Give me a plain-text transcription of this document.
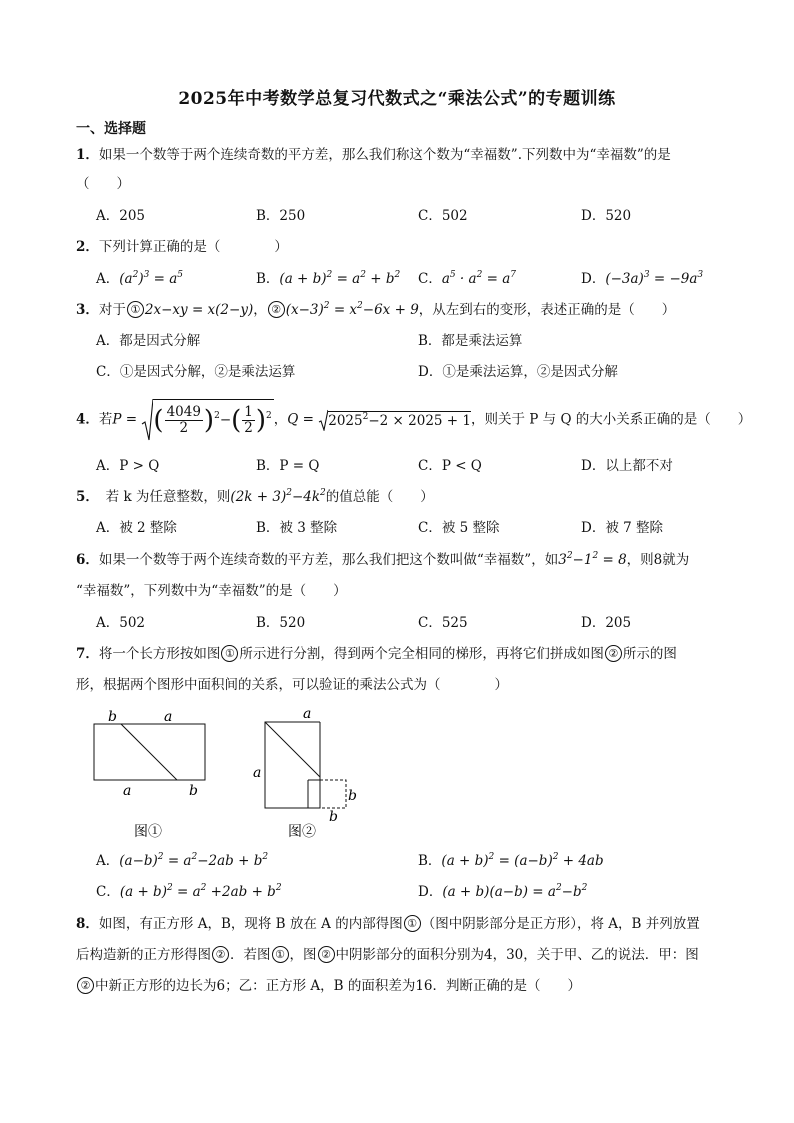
2025年中考数学总复习代数式之“乘法公式”的专题训练
一、选择题
1．如果一个数等于两个连续奇数的平方差，那么我们称这个数为“幸福数”.下列数中为“幸福数”的是
（　　）
A．205	B．250	C．502	D．520
2．下列计算正确的是（　　　　）
A．$(a^2)^3 = a^5$	B．$(a + b)^2 = a^2 + b^2$ C．$a^5 \cdot a^2 = a^7$	D．$(-3a)^3 = -9a^3$
3．对于 ① 2x−xy = x(2−y)， ② $(x-3)^2 = x^2-6x + 9$，从左到右的变形，表述正确的是（　　）
A．都是因式分解	B．都是乘法运算
C．①是因式分解，②是乘法运算	D．①是乘法运算，②是因式分解
4．若P = ( $\frac{4049}{2} )^2-( \frac{1}{2} )^2$ ，$Q = 2025^2-2 \times 2025 + 1$，则关于 P 与 Q 的大小关系正确的是（　　）
A．P > Q	B．P = Q	C．P < Q	D．以上都不对
5．　若 k 为任意整数，则$(2k + 3)^2-4k^2$的值总能（　　）
A．被 2 整除	B．被 3 整除	C．被 5 整除	D．被 7 整除
6．如果一个数等于两个连续奇数的平方差，那么我们把这个数叫做“幸福数”，如$3^2-1^2 = 8$，则8就为
“幸福数”，下列数中为“幸福数”的是（　　）
A．502	B．520	C．525	D．205
7．将一个长方形按如图 ① 所示进行分割，得到两个完全相同的梯形，再将它们拼成如图 ② 所示的图
形，根据两个图形中面积间的关系，可以验证的乘法公式为（　　　　）
b	a
a	b
图①
a
a
b
b
图②
A．$(a-b)^2 = a^2-2ab + b^2$	B．$(a + b)^2 = (a-b)^2 + 4ab$
C．$(a + b)^2 = a^2 +2ab + b^2$	D．$(a + b)(a-b) = a^2-b^2$
8．如图，有正方形 A，B，现将 B 放在 A 的内部得图 ① （图中阴影部分是正方形），将 A，B 并列放置
后构造新的正方形得图 ② ．若图 ① ，图 ② 中阴影部分的面积分别为4，30，关于甲、乙的说法．甲：图
② 中新正方形的边长为6；乙：正方形 A，B 的面积差为16．判断正确的是（　　）
